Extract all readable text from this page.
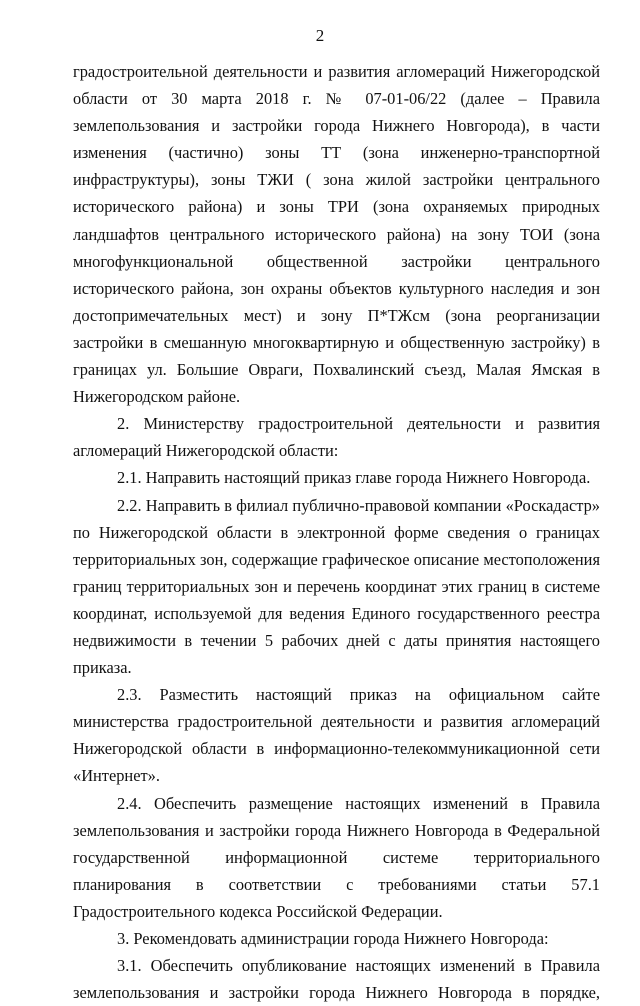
2

градостроительной деятельности и развития агломераций Нижегородской области от 30 марта 2018 г. № 07-01-06/22 (далее – Правила землепользования и застройки города Нижнего Новгорода), в части изменения (частично) зоны ТТ (зона инженерно-транспортной инфраструктуры), зоны ТЖИ ( зона жилой застройки центрального исторического района) и зоны ТРИ (зона охраняемых природных ландшафтов центрального исторического района) на зону ТОИ (зона многофункциональной общественной застройки центрального исторического района, зон охраны объектов культурного наследия и зон достопримечательных мест) и зону П*ТЖсм (зона реорганизации застройки в смешанную многоквартирную и общественную застройку) в границах ул. Большие Овраги, Похвалинский съезд, Малая Ямская в Нижегородском районе.

2. Министерству градостроительной деятельности и развития агломераций Нижегородской области:

2.1. Направить настоящий приказ главе города Нижнего Новгорода.

2.2. Направить в филиал публично-правовой компании «Роскадастр» по Нижегородской области в электронной форме сведения о границах территориальных зон, содержащие графическое описание местоположения границ территориальных зон и перечень координат этих границ в системе координат, используемой для ведения Единого государственного реестра недвижимости в течении 5 рабочих дней с даты принятия настоящего приказа.

2.3. Разместить настоящий приказ на официальном сайте министерства градостроительной деятельности и развития агломераций Нижегородской области в информационно-телекоммуникационной сети «Интернет».

2.4. Обеспечить размещение настоящих изменений в Правила землепользования и застройки города Нижнего Новгорода в Федеральной государственной информационной системе территориального планирования в соответствии с требованиями статьи 57.1 Градостроительного кодекса Российской Федерации.

3. Рекомендовать администрации города Нижнего Новгорода:

3.1. Обеспечить опубликование настоящих изменений в Правила землепользования и застройки города Нижнего Новгорода в порядке,
